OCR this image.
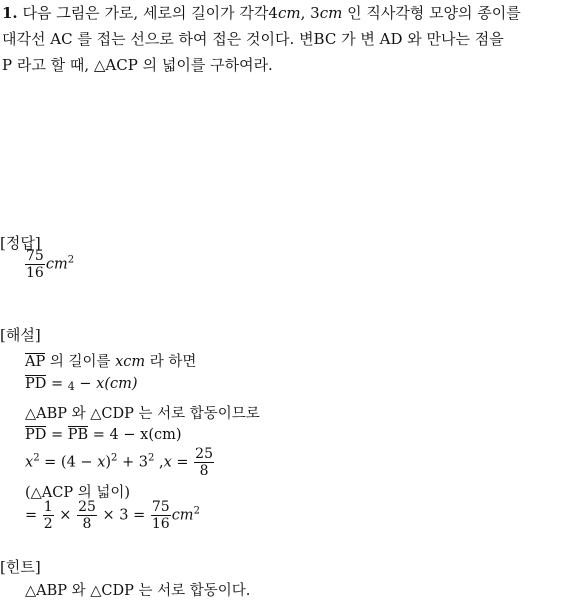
1. 다음 그림은 가로, 세로의 길이가 각각4cm, 3cm 인 직사각형 모양의 종이를
대각선 AC 를 접는 선으로 하여 접은 것이다. 변BC 가 변 AD 와 만나는 점을
P 라고 할 때, △ACP 의 넓이를 구하여라.
[정답]
$\frac{75}{16} cm^2$
[해설]
AP 의 길이를 xcm 라 하면
PD = $_4$ − x(cm)
△ABP 와 △CDP 는 서로 합동이므로
PD = PB = 4 − x(cm)
$x^2 = (4 - x)^2 + 3^2$ $,x = \frac{25}{8}$
(△ACP 의 넓이)
= $\frac{1}{2} \times \frac{25}{8} \times 3 = \frac{75}{16} cm^2$
[힌트]
△ABP 와 △CDP 는 서로 합동이다.
